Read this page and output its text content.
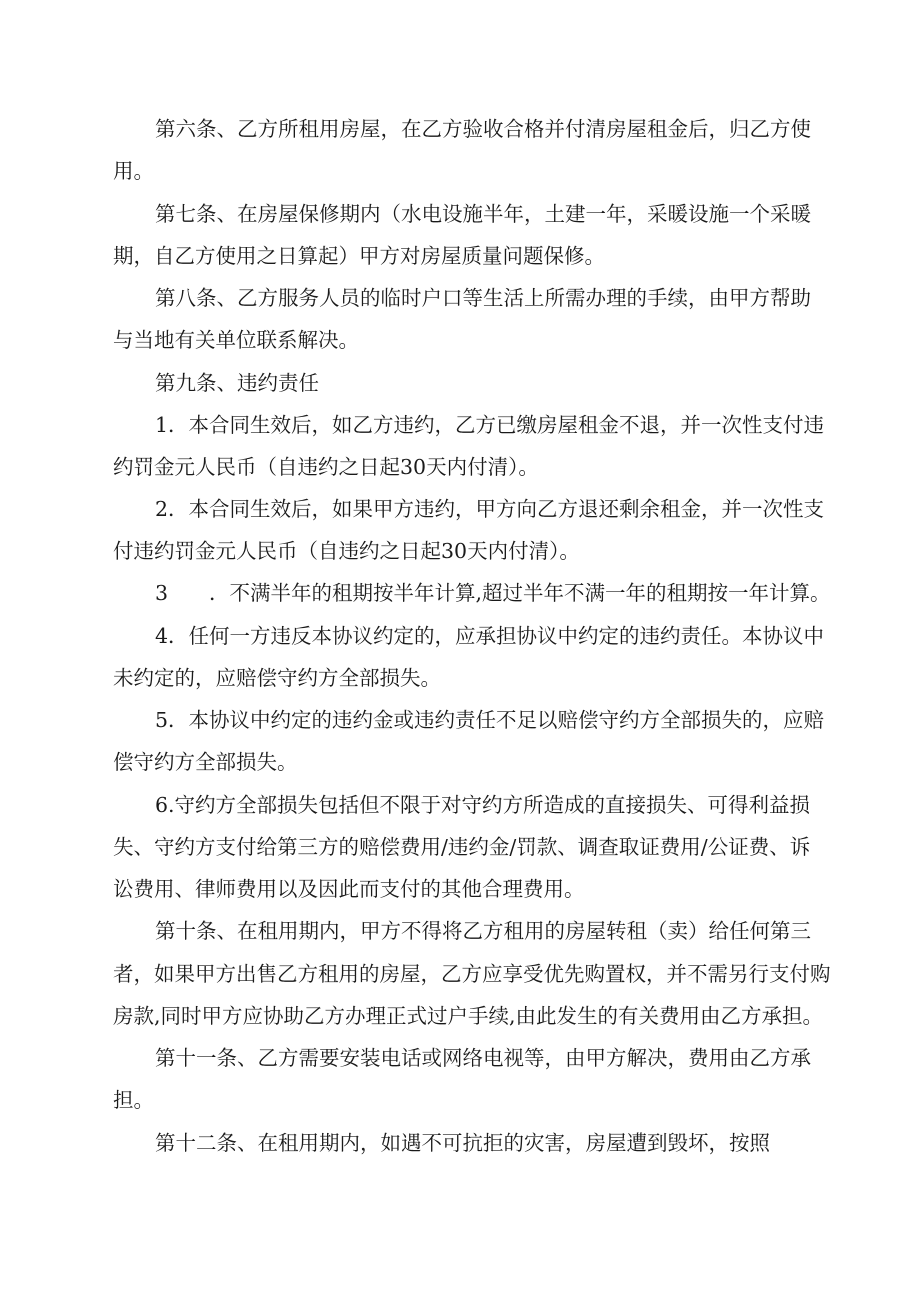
第六条、乙方所租用房屋，在乙方验收合格并付清房屋租金后，归乙方使
用。
第七条、在房屋保修期内（水电设施半年，土建一年，采暖设施一个采暖
期，自乙方使用之日算起）甲方对房屋质量问题保修。
第八条、乙方服务人员的临时户口等生活上所需办理的手续，由甲方帮助
与当地有关单位联系解决。
第九条、违约责任
1．本合同生效后，如乙方违约，乙方已缴房屋租金不退，并一次性支付违
约罚金元人民币（自违约之日起30天内付清）。
2．本合同生效后，如果甲方违约，甲方向乙方退还剩余租金，并一次性支
付违约罚金元人民币（自违约之日起30天内付清）。
3　　．不满半年的租期按半年计算,超过半年不满一年的租期按一年计算。
4．任何一方违反本协议约定的，应承担协议中约定的违约责任。本协议中
未约定的，应赔偿守约方全部损失。
5．本协议中约定的违约金或违约责任不足以赔偿守约方全部损失的，应赔
偿守约方全部损失。
6.守约方全部损失包括但不限于对守约方所造成的直接损失、可得利益损
失、守约方支付给第三方的赔偿费用/违约金/罚款、调查取证费用/公证费、诉
讼费用、律师费用以及因此而支付的其他合理费用。
第十条、在租用期内，甲方不得将乙方租用的房屋转租（卖）给任何第三
者，如果甲方出售乙方租用的房屋，乙方应享受优先购置权，并不需另行支付购
房款,同时甲方应协助乙方办理正式过户手续,由此发生的有关费用由乙方承担。
第十一条、乙方需要安装电话或网络电视等，由甲方解决，费用由乙方承
担。
第十二条、在租用期内，如遇不可抗拒的灾害，房屋遭到毁坏，按照
